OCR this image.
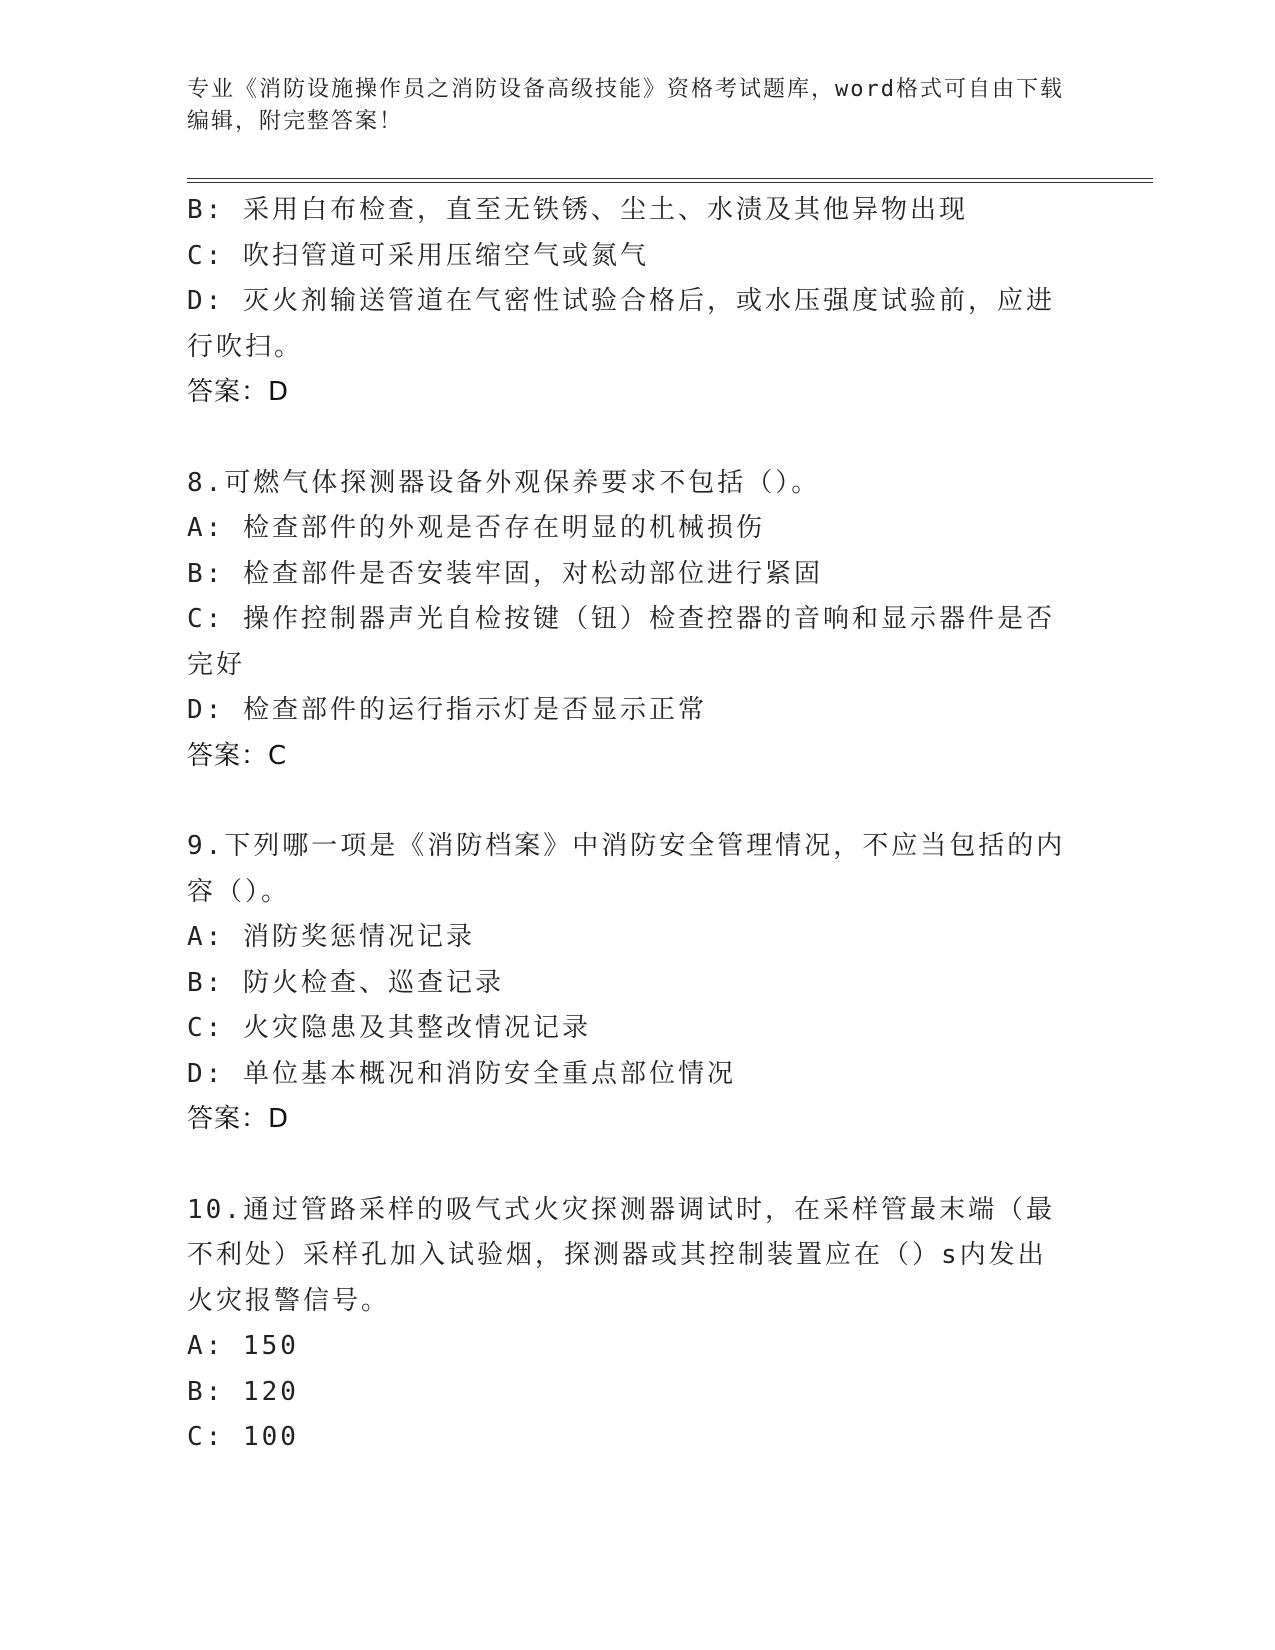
专业《消防设施操作员之消防设备高级技能》资格考试题库，word格式可自由下载编辑，附完整答案！
B: 采用白布检查，直至无铁锈、尘土、水渍及其他异物出现
C: 吹扫管道可采用压缩空气或氮气
D: 灭火剂输送管道在气密性试验合格后，或水压强度试验前，应进行吹扫。
答案：D
8.可燃气体探测器设备外观保养要求不包括（）。
A: 检查部件的外观是否存在明显的机械损伤
B: 检查部件是否安装牢固，对松动部位进行紧固
C: 操作控制器声光自检按键（钮）检查控器的音响和显示器件是否完好
D: 检查部件的运行指示灯是否显示正常
答案：C
9.下列哪一项是《消防档案》中消防安全管理情况，不应当包括的内容（）。
A: 消防奖惩情况记录
B: 防火检查、巡查记录
C: 火灾隐患及其整改情况记录
D: 单位基本概况和消防安全重点部位情况
答案：D
10.通过管路采样的吸气式火灾探测器调试时，在采样管最末端（最不利处）采样孔加入试验烟，探测器或其控制装置应在（）s内发出火灾报警信号。
A: 150
B: 120
C: 100
